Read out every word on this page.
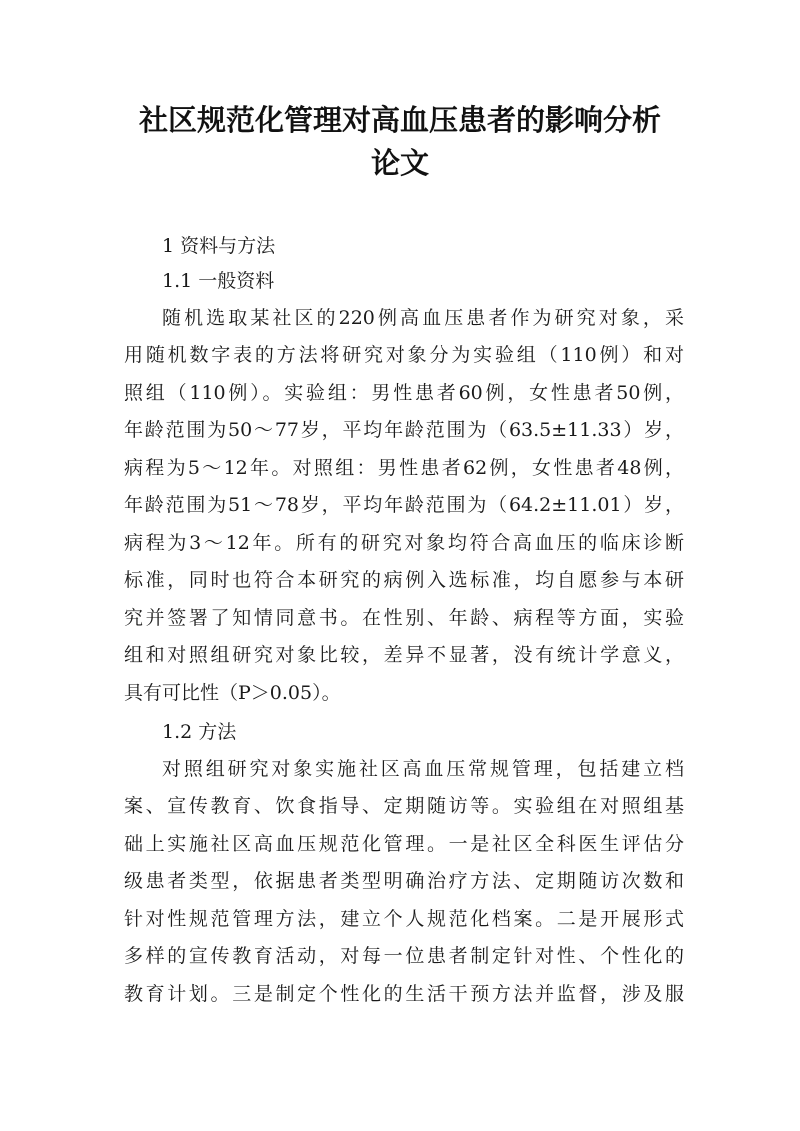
社区规范化管理对高血压患者的影响分析
论文
1 资料与方法
1.1 一般资料
随机选取某社区的220例高血压患者作为研究对象，采
用随机数字表的方法将研究对象分为实验组（110例）和对
照组（110例）。实验组：男性患者60例，女性患者50例，
年龄范围为50～77岁，平均年龄范围为（63.5±11.33）岁，
病程为5～12年。对照组：男性患者62例，女性患者48例，
年龄范围为51～78岁，平均年龄范围为（64.2±11.01）岁，
病程为3～12年。所有的研究对象均符合高血压的临床诊断
标准，同时也符合本研究的病例入选标准，均自愿参与本研
究并签署了知情同意书。在性别、年龄、病程等方面，实验
组和对照组研究对象比较，差异不显著，没有统计学意义，
具有可比性（P＞0.05）。
1.2 方法
对照组研究对象实施社区高血压常规管理，包括建立档
案、宣传教育、饮食指导、定期随访等。实验组在对照组基
础上实施社区高血压规范化管理。一是社区全科医生评估分
级患者类型，依据患者类型明确治疗方法、定期随访次数和
针对性规范管理方法，建立个人规范化档案。二是开展形式
多样的宣传教育活动，对每一位患者制定针对性、个性化的
教育计划。三是制定个性化的生活干预方法并监督，涉及服
